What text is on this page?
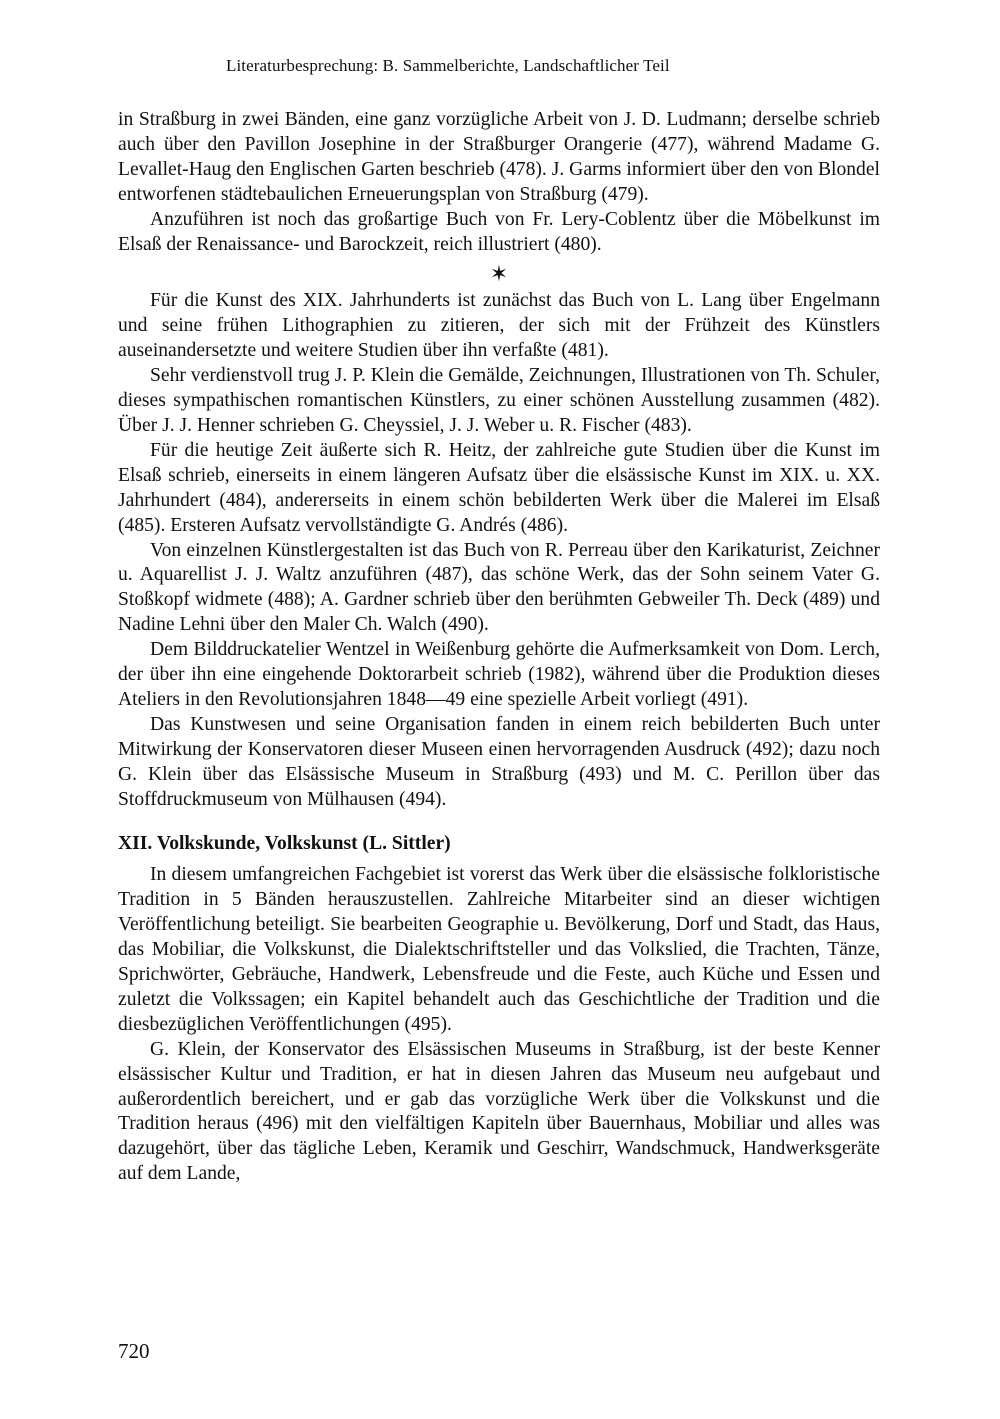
Literaturbesprechung: B. Sammelberichte, Landschaftlicher Teil

in Straßburg in zwei Bänden, eine ganz vorzügliche Arbeit von J. D. Ludmann; derselbe schrieb auch über den Pavillon Josephine in der Straßburger Orangerie (477), während Madame G. Levallet-Haug den Englischen Garten beschrieb (478). J. Garms informiert über den von Blondel entworfenen städtebaulichen Erneuerungsplan von Straßburg (479).

Anzuführen ist noch das großartige Buch von Fr. Lery-Coblentz über die Möbelkunst im Elsaß der Renaissance- und Barockzeit, reich illustriert (480).

✶

Für die Kunst des XIX. Jahrhunderts ist zunächst das Buch von L. Lang über Engelmann und seine frühen Lithographien zu zitieren, der sich mit der Frühzeit des Künstlers auseinandersetzte und weitere Studien über ihn verfaßte (481).

Sehr verdienstvoll trug J. P. Klein die Gemälde, Zeichnungen, Illustrationen von Th. Schuler, dieses sympathischen romantischen Künstlers, zu einer schönen Ausstellung zusammen (482). Über J. J. Henner schrieben G. Cheyssiel, J. J. Weber u. R. Fischer (483).

Für die heutige Zeit äußerte sich R. Heitz, der zahlreiche gute Studien über die Kunst im Elsaß schrieb, einerseits in einem längeren Aufsatz über die elsässische Kunst im XIX. u. XX. Jahrhundert (484), andererseits in einem schön bebilderten Werk über die Malerei im Elsaß (485). Ersteren Aufsatz vervollständigte G. Andrés (486).

Von einzelnen Künstlergestalten ist das Buch von R. Perreau über den Karikaturist, Zeichner u. Aquarellist J. J. Waltz anzuführen (487), das schöne Werk, das der Sohn seinem Vater G. Stoßkopf widmete (488); A. Gardner schrieb über den berühmten Gebweiler Th. Deck (489) und Nadine Lehni über den Maler Ch. Walch (490).

Dem Bilddruckatelier Wentzel in Weißenburg gehörte die Aufmerksamkeit von Dom. Lerch, der über ihn eine eingehende Doktorarbeit schrieb (1982), während über die Produktion dieses Ateliers in den Revolutionsjahren 1848—49 eine spezielle Arbeit vorliegt (491).

Das Kunstwesen und seine Organisation fanden in einem reich bebilderten Buch unter Mitwirkung der Konservatoren dieser Museen einen hervorragenden Ausdruck (492); dazu noch G. Klein über das Elsässische Museum in Straßburg (493) und M. C. Perillon über das Stoffdruckmuseum von Mülhausen (494).

XII. Volkskunde, Volkskunst (L. Sittler)

In diesem umfangreichen Fachgebiet ist vorerst das Werk über die elsässische folkloristische Tradition in 5 Bänden herauszustellen. Zahlreiche Mitarbeiter sind an dieser wichtigen Veröffentlichung beteiligt. Sie bearbeiten Geographie u. Bevölkerung, Dorf und Stadt, das Haus, das Mobiliar, die Volkskunst, die Dialektschriftsteller und das Volkslied, die Trachten, Tänze, Sprichwörter, Gebräuche, Handwerk, Lebensfreude und die Feste, auch Küche und Essen und zuletzt die Volkssagen; ein Kapitel behandelt auch das Geschichtliche der Tradition und die diesbezüglichen Veröffentlichungen (495).

G. Klein, der Konservator des Elsässischen Museums in Straßburg, ist der beste Kenner elsässischer Kultur und Tradition, er hat in diesen Jahren das Museum neu aufgebaut und außerordentlich bereichert, und er gab das vorzügliche Werk über die Volkskunst und die Tradition heraus (496) mit den vielfältigen Kapiteln über Bauernhaus, Mobiliar und alles was dazugehört, über das tägliche Leben, Keramik und Geschirr, Wandschmuck, Handwerksgeräte auf dem Lande,

720
